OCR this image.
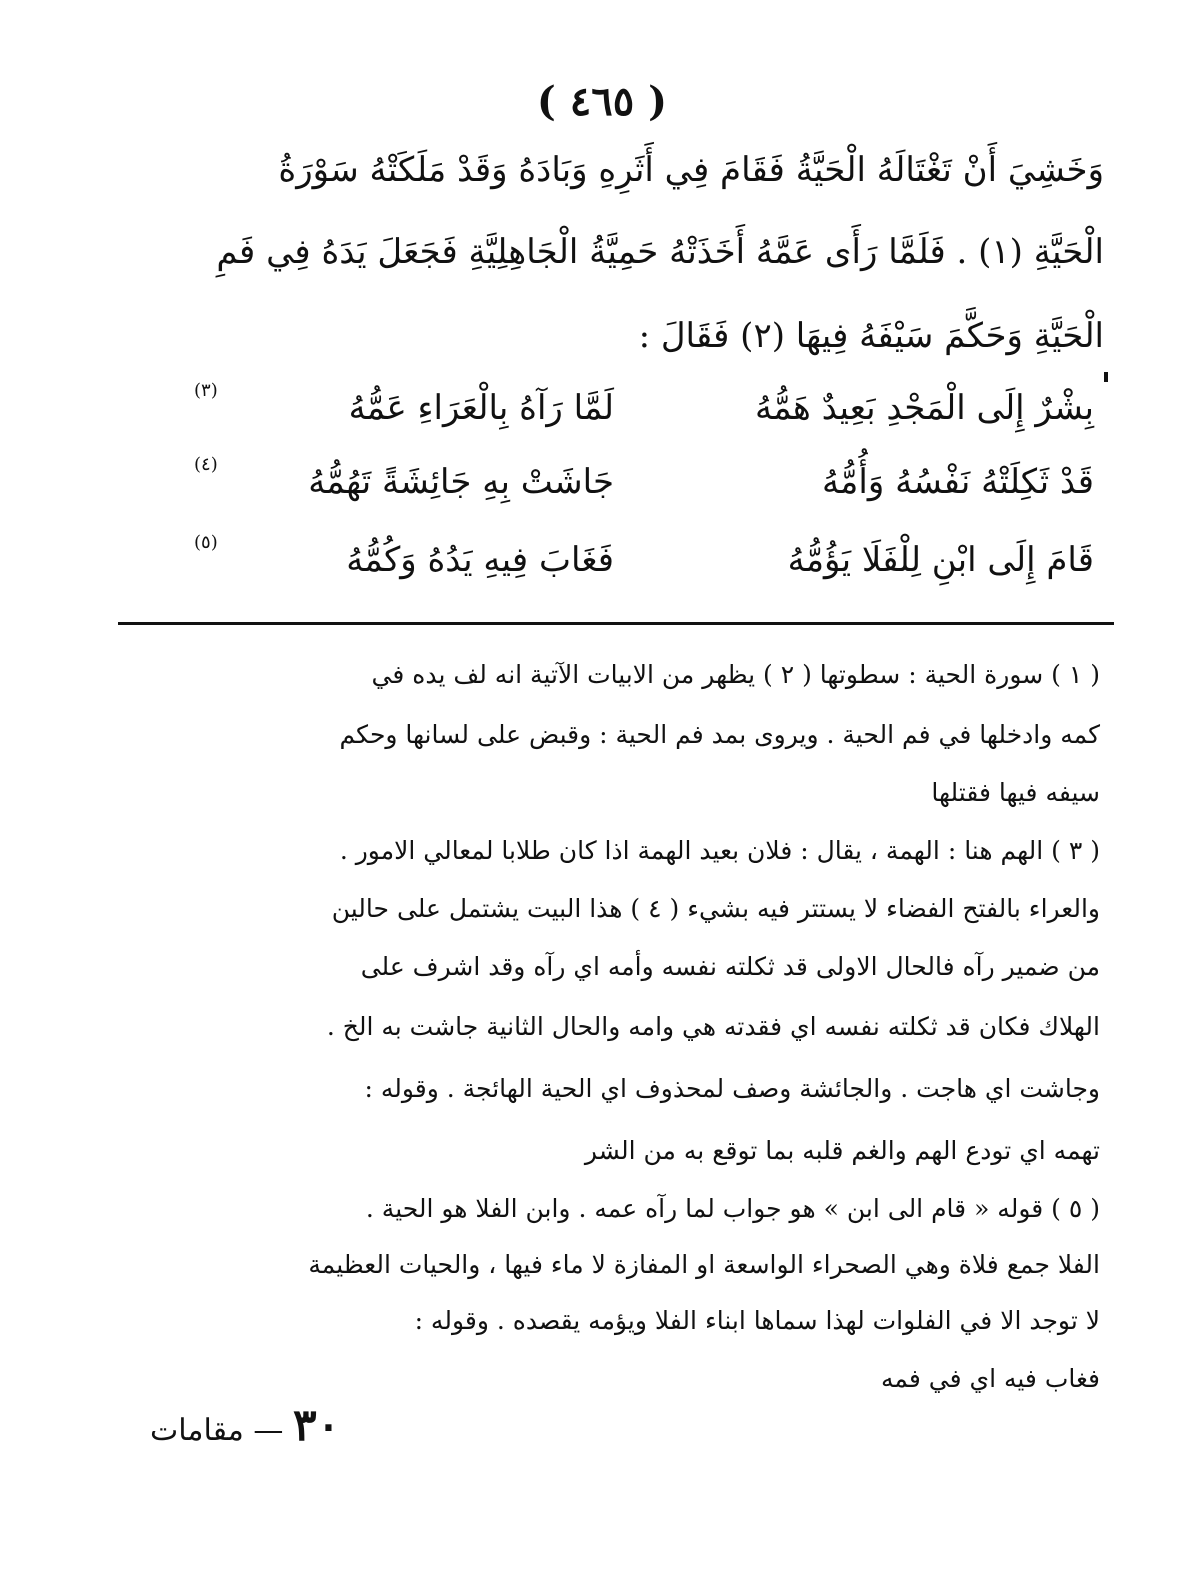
( ٤٦٥ )
وَخَشِيَ أَنْ تَغْتَالَهُ الْحَيَّةُ فَقَامَ فِي أَثَرِهِ وَبَادَهُ وَقَدْ مَلَكَتْهُ سَوْرَةُ
الْحَيَّةِ (١) . فَلَمَّا رَأَى عَمَّهُ أَخَذَتْهُ حَمِيَّةُ الْجَاهِلِيَّةِ فَجَعَلَ يَدَهُ فِي فَمِ
الْحَيَّةِ وَحَكَّمَ سَيْفَهُ فِيهَا (٢) فَقَالَ :
بِشْرٌ إِلَى الْمَجْدِ بَعِيدٌ هَمُّهُ
لَمَّا رَآهُ بِالْعَرَاءِ عَمُّهُ
(٣)
قَدْ ثَكِلَتْهُ نَفْسُهُ وَأُمُّهُ
جَاشَتْ بِهِ جَائِشَةً تَهُمُّهُ
(٤)
قَامَ إِلَى ابْنِ لِلْفَلَا يَؤُمُّهُ
فَغَابَ فِيهِ يَدُهُ وَكُمُّهُ
(٥)
( ١ ) سورة الحية : سطوتها ( ٢ ) يظهر من الابيات الآتية انه لف يده في
كمه وادخلها في فم الحية . ويروى بمد فم الحية : وقبض على لسانها وحكم
سيفه فيها فقتلها
( ٣ ) الهم هنا : الهمة ، يقال : فلان بعيد الهمة اذا كان طلابا لمعالي الامور .
والعراء بالفتح الفضاء لا يستتر فيه بشيء ( ٤ ) هذا البيت يشتمل على حالين
من ضمير رآه فالحال الاولى قد ثكلته نفسه وأمه اي رآه وقد اشرف على
الهلاك فكان قد ثكلته نفسه اي فقدته هي وامه والحال الثانية جاشت به الخ .
وجاشت اي هاجت . والجائشة وصف لمحذوف اي الحية الهائجة . وقوله :
تهمه اي تودع الهم والغم قلبه بما توقع به من الشر
( ٥ ) قوله « قام الى ابن » هو جواب لما رآه عمه . وابن الفلا هو الحية .
الفلا جمع فلاة وهي الصحراء الواسعة او المفازة لا ماء فيها ، والحيات العظيمة
لا توجد الا في الفلوات لهذا سماها ابناء الفلا ويؤمه يقصده . وقوله :
فغاب فيه اي في فمه
٣٠ — مقامات
